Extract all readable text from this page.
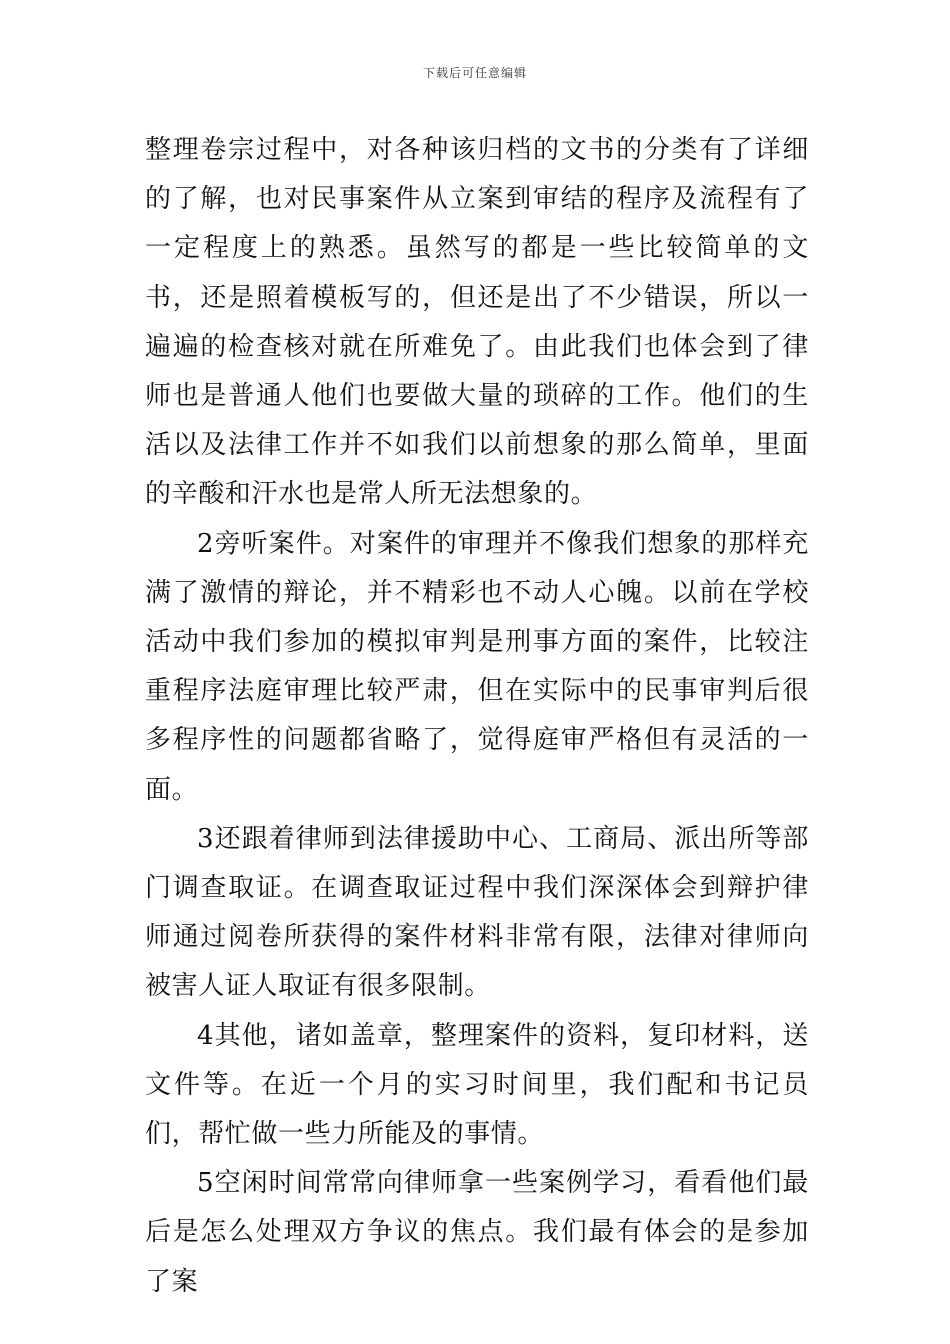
下载后可任意编辑

整理卷宗过程中，对各种该归档的文书的分类有了详细的了解，也对民事案件从立案到审结的程序及流程有了一定程度上的熟悉。虽然写的都是一些比较简单的文书，还是照着模板写的，但还是出了不少错误，所以一遍遍的检查核对就在所难免了。由此我们也体会到了律师也是普通人他们也要做大量的琐碎的工作。他们的生活以及法律工作并不如我们以前想象的那么简单，里面的辛酸和汗水也是常人所无法想象的。

2旁听案件。对案件的审理并不像我们想象的那样充满了激情的辩论，并不精彩也不动人心魄。以前在学校活动中我们参加的模拟审判是刑事方面的案件，比较注重程序法庭审理比较严肃，但在实际中的民事审判后很多程序性的问题都省略了，觉得庭审严格但有灵活的一面。

3还跟着律师到法律援助中心、工商局、派出所等部门调查取证。在调查取证过程中我们深深体会到辩护律师通过阅卷所获得的案件材料非常有限，法律对律师向被害人证人取证有很多限制。

4其他，诸如盖章，整理案件的资料，复印材料，送文件等。在近一个月的实习时间里，我们配和书记员们，帮忙做一些力所能及的事情。

5空闲时间常常向律师拿一些案例学习，看看他们最后是怎么处理双方争议的焦点。我们最有体会的是参加了案
